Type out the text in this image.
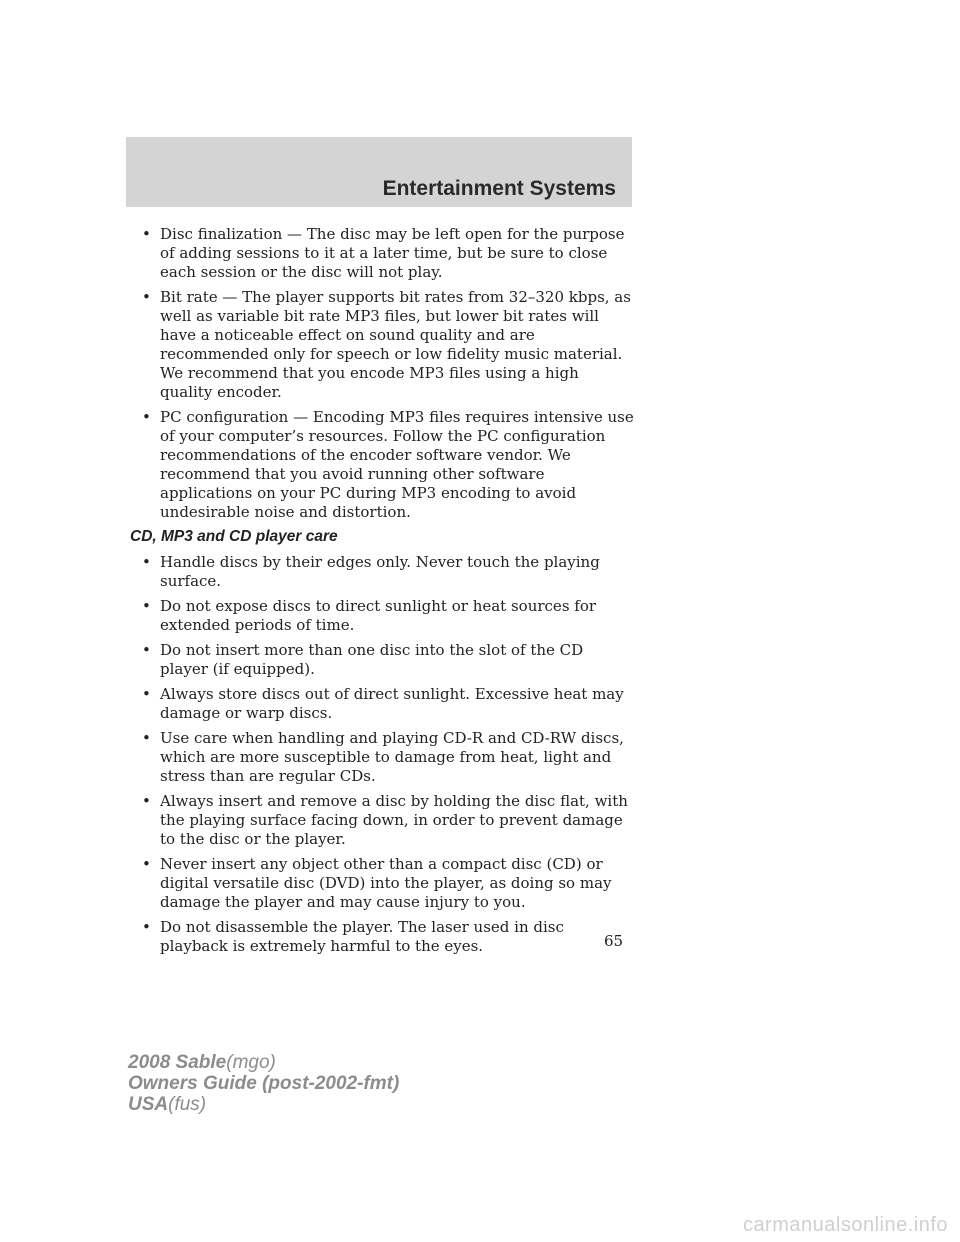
Entertainment Systems
• Disc finalization — The disc may be left open for the purpose of adding sessions to it at a later time, but be sure to close each session or the disc will not play.
• Bit rate — The player supports bit rates from 32–320 kbps, as well as variable bit rate MP3 files, but lower bit rates will have a noticeable effect on sound quality and are recommended only for speech or low fidelity music material. We recommend that you encode MP3 files using a high quality encoder.
• PC configuration — Encoding MP3 files requires intensive use of your computer’s resources. Follow the PC configuration recommendations of the encoder software vendor. We recommend that you avoid running other software applications on your PC during MP3 encoding to avoid undesirable noise and distortion.
CD, MP3 and CD player care
• Handle discs by their edges only. Never touch the playing surface.
• Do not expose discs to direct sunlight or heat sources for extended periods of time.
• Do not insert more than one disc into the slot of the CD player (if equipped).
• Always store discs out of direct sunlight. Excessive heat may damage or warp discs.
• Use care when handling and playing CD-R and CD-RW discs, which are more susceptible to damage from heat, light and stress than are regular CDs.
• Always insert and remove a disc by holding the disc flat, with the playing surface facing down, in order to prevent damage to the disc or the player.
• Never insert any object other than a compact disc (CD) or digital versatile disc (DVD) into the player, as doing so may damage the player and may cause injury to you.
• Do not disassemble the player. The laser used in disc playback is extremely harmful to the eyes.	65
2008 Sable(mgo)
Owners Guide (post-2002-fmt)
USA(fus)
carmanualsonline.info
